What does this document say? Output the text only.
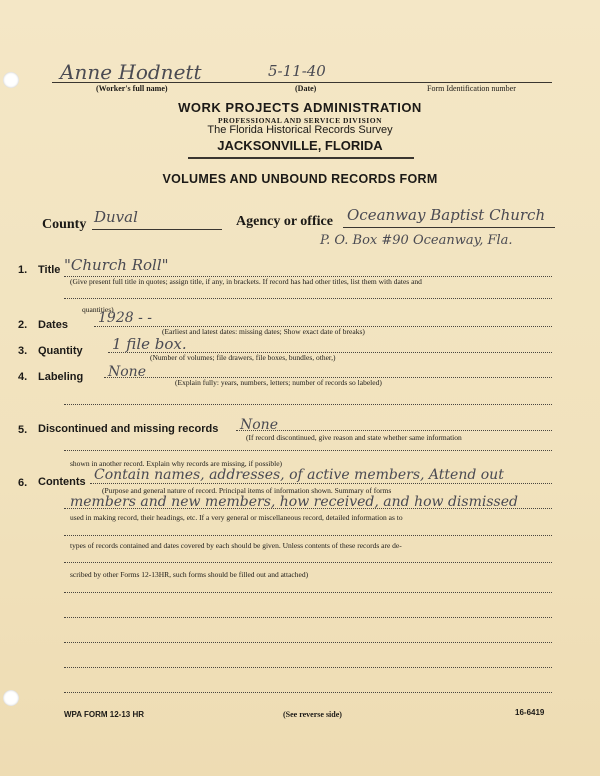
Anne Hodnett	5-11-40
(Worker's full name)	(Date)	Form Identification number
WORK PROJECTS ADMINISTRATION
PROFESSIONAL AND SERVICE DIVISION
The Florida Historical Records Survey
JACKSONVILLE, FLORIDA
VOLUMES AND UNBOUND RECORDS FORM
County Duval	Agency or office Oceanway Baptist Church
P. O. Box #90 Oceanway, Fla.
1. Title "Church Roll"
(Give present full title in quotes; assign title, if any, in brackets. If record has had other titles, list them with dates and
quantities)
2. Dates 1928 - -
(Earliest and latest dates: missing dates; Show exact date of breaks)
3. Quantity 1 file box.
(Number of volumes; file drawers, file boxes, bundles, other,)
4. Labeling None
(Explain fully: years, numbers, letters; number of records so labeled)
5. Discontinued and missing records None
(If record discontinued, give reason and state whether same information
shown in another record. Explain why records are missing, if possible)
6. Contents Contain names, addresses, of active members, Attend out
(Purpose and general nature of record. Principal items of information shown. Summary of forms
members and new members, how received, and how dismissed
used in making record, their headings, etc. If a very general or miscellaneous record, detailed information as to
types of records contained and dates covered by each should be given. Unless contents of these records are de-
scribed by other Forms 12-13HR, such forms should be filled out and attached)
WPA FORM 12-13 HR	(See reverse side)	16-6419
